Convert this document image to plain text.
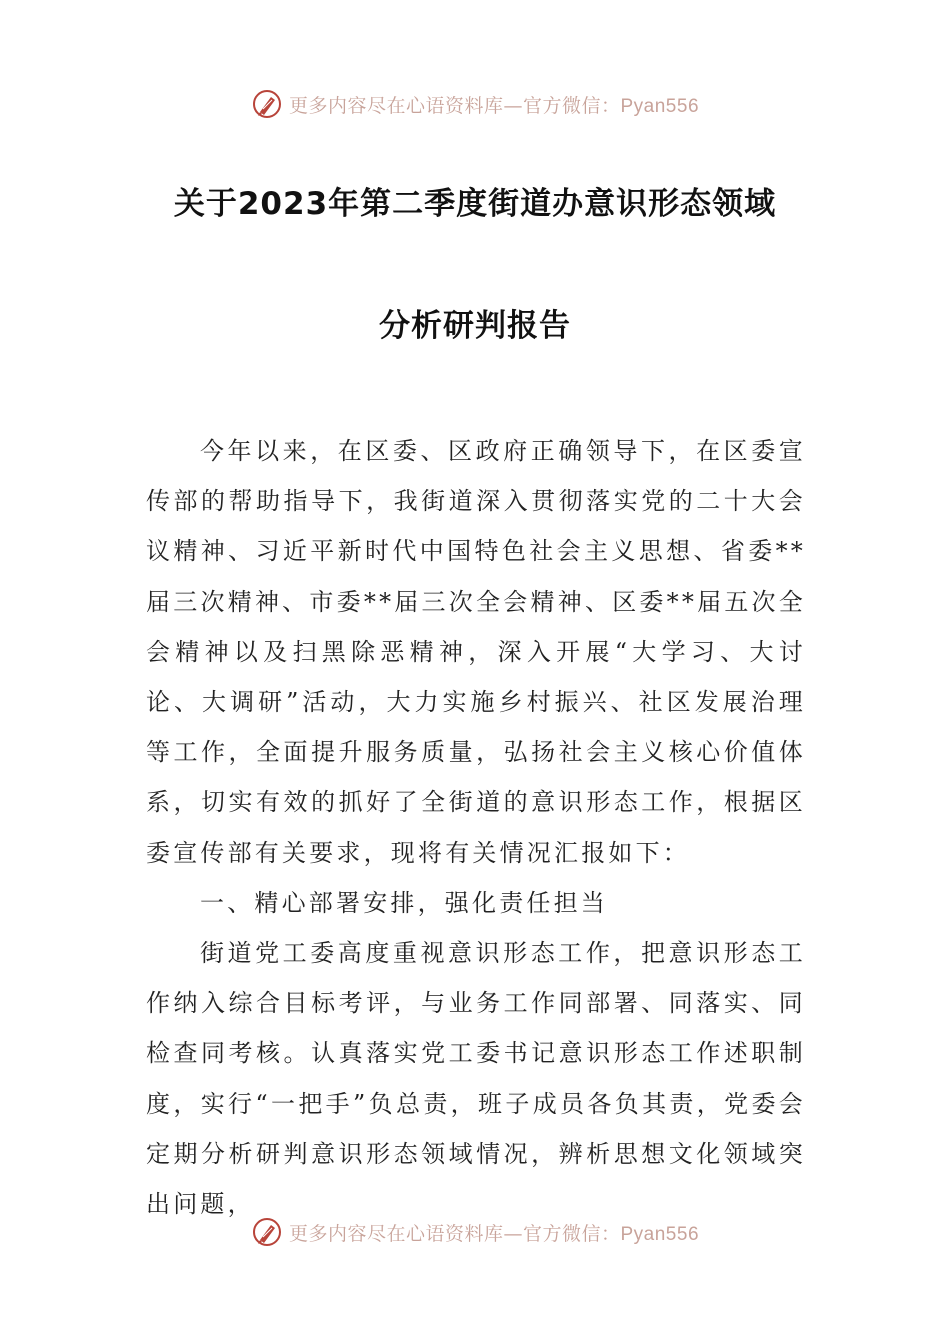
更多内容尽在心语资料库—官方微信：Pyan556
关于2023年第二季度街道办意识形态领域
分析研判报告

今年以来，在区委、区政府正确领导下，在区委宣传部的帮助指导下，我街道深入贯彻落实党的二十大会议精神、习近平新时代中国特色社会主义思想、省委**届三次精神、市委**届三次全会精神、区委**届五次全会精神以及扫黑除恶精神，深入开展“大学习、大讨论、大调研”活动，大力实施乡村振兴、社区发展治理等工作，全面提升服务质量，弘扬社会主义核心价值体系，切实有效的抓好了全街道的意识形态工作，根据区委宣传部有关要求，现将有关情况汇报如下：

一、精心部署安排，强化责任担当

街道党工委高度重视意识形态工作，把意识形态工作纳入综合目标考评，与业务工作同部署、同落实、同检查同考核。认真落实党工委书记意识形态工作述职制度，实行“一把手”负总责，班子成员各负其责，党委会定期分析研判意识形态领域情况，辨析思想文化领域突出问题，

更多内容尽在心语资料库—官方微信：Pyan556
